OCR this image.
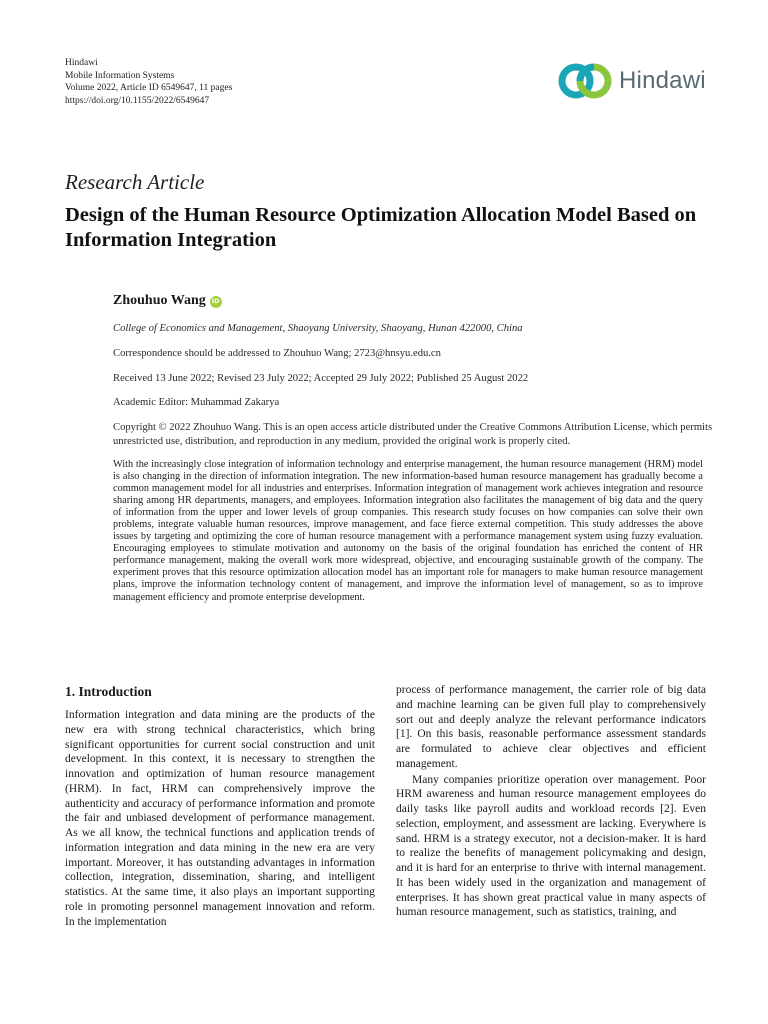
Hindawi
Mobile Information Systems
Volume 2022, Article ID 6549647, 11 pages
https://doi.org/10.1155/2022/6549647
Hindawi
Research Article
Design of the Human Resource Optimization Allocation Model Based on Information Integration
Zhouhuo Wang
iD
College of Economics and Management, Shaoyang University, Shaoyang, Hunan 422000, China
Correspondence should be addressed to Zhouhuo Wang; 2723@hnsyu.edu.cn
Received 13 June 2022; Revised 23 July 2022; Accepted 29 July 2022; Published 25 August 2022
Academic Editor: Muhammad Zakarya
Copyright © 2022 Zhouhuo Wang. This is an open access article distributed under the Creative Commons Attribution License, which permits unrestricted use, distribution, and reproduction in any medium, provided the original work is properly cited.

With the increasingly close integration of information technology and enterprise management, the human resource management (HRM) model is also changing in the direction of information integration. The new information-based human resource management has gradually become a common management model for all industries and enterprises. Information integration of management work achieves integration and resource sharing among HR departments, managers, and employees. Information integration also facilitates the management of big data and the query of information from the upper and lower levels of group companies. This research study focuses on how companies can solve their own problems, integrate valuable human resources, improve management, and face fierce external competition. This study addresses the above issues by targeting and optimizing the core of human resource management with a performance management system using fuzzy evaluation. Encouraging employees to stimulate motivation and autonomy on the basis of the original foundation has enriched the content of HR performance management, making the overall work more widespread, objective, and encouraging sustainable growth of the company. The experiment proves that this resource optimization allocation model has an important role for managers to make human resource management plans, improve the information technology content of management, and improve the information level of management, so as to improve management efficiency and promote enterprise development.

1. Introduction

Information integration and data mining are the products of the new era with strong technical characteristics, which bring significant opportunities for current social construction and unit development. In this context, it is necessary to strengthen the innovation and optimization of human resource management (HRM). In fact, HRM can comprehensively improve the authenticity and accuracy of performance information and promote the fair and unbiased development of performance management. As we all know, the technical functions and application trends of information integration and data mining in the new era are very important. Moreover, it has outstanding advantages in information collection, integration, dissemination, sharing, and intelligent statistics. At the same time, it also plays an important supporting role in promoting personnel management innovation and reform. In the implementation

process of performance management, the carrier role of big data and machine learning can be given full play to comprehensively sort out and deeply analyze the relevant performance indicators [1]. On this basis, reasonable performance assessment standards are formulated to achieve clear objectives and efficient management.

Many companies prioritize operation over management. Poor HRM awareness and human resource management employees do daily tasks like payroll audits and workload records [2]. Even selection, employment, and assessment are lacking. Everywhere is sand. HRM is a strategy executor, not a decision-maker. It is hard to realize the benefits of management policymaking and design, and it is hard for an enterprise to thrive with internal management. It has been widely used in the organization and management of enterprises. It has shown great practical value in many aspects of human resource management, such as statistics, training, and
